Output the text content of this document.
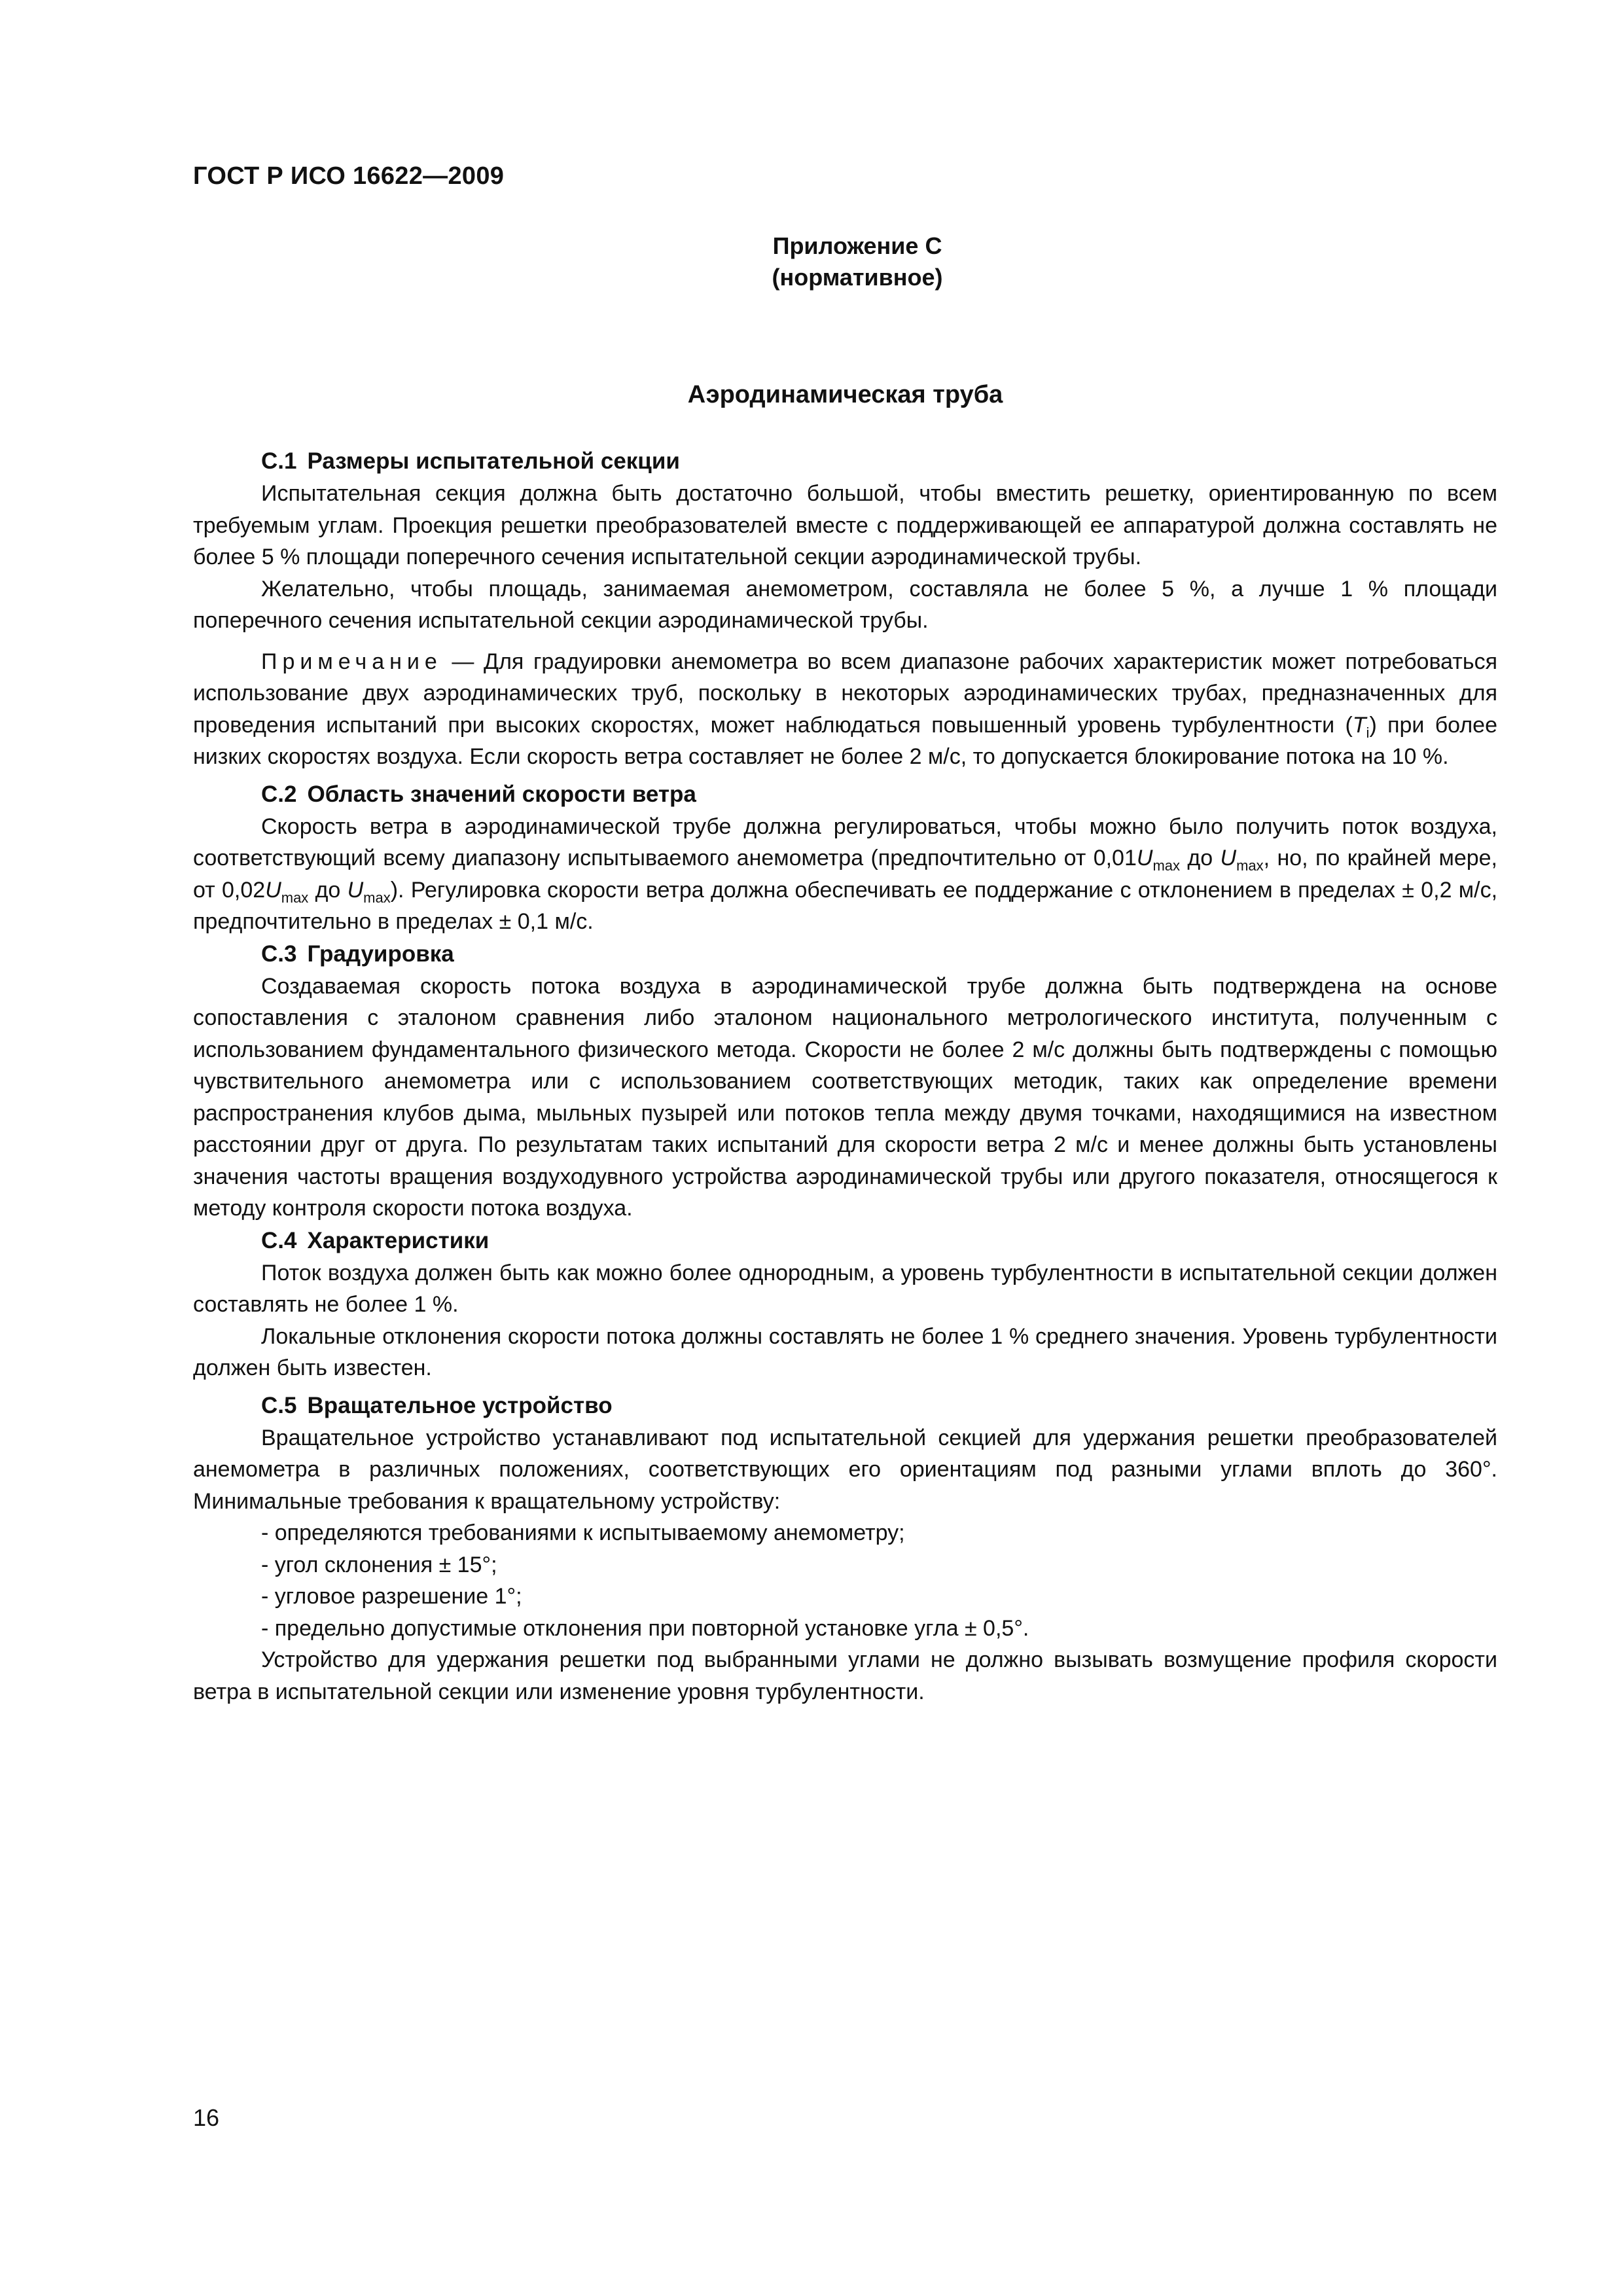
ГОСТ Р ИСО 16622—2009
Приложение С
(нормативное)
Аэродинамическая труба
С.1 Размеры испытательной секции

Испытательная секция должна быть достаточно большой, чтобы вместить решетку, ориентированную по всем требуемым углам. Проекция решетки преобразователей вместе с поддерживающей ее аппаратурой должна составлять не более 5 % площади поперечного сечения испытательной секции аэродинамической трубы.

Желательно, чтобы площадь, занимаемая анемометром, составляла не более 5 %, а лучше 1 % площади поперечного сечения испытательной секции аэродинамической трубы.

Примечание — Для градуировки анемометра во всем диапазоне рабочих характеристик может потребоваться использование двух аэродинамических труб, поскольку в некоторых аэродинамических трубах, предназначенных для проведения испытаний при высоких скоростях, может наблюдаться повышенный уровень турбулентности $(T_i)$ при более низких скоростях воздуха. Если скорость ветра составляет не более 2 м/с, то допускается блокирование потока на 10 %.

С.2 Область значений скорости ветра

Скорость ветра в аэродинамической трубе должна регулироваться, чтобы можно было получить поток воздуха, соответствующий всему диапазону испытываемого анемометра (предпочтительно от $0,01U_{max}$ до $U_{max}$, но, по крайней мере, от $0,02U_{max}$ до $U_{max}$). Регулировка скорости ветра должна обеспечивать ее поддержание с отклонением в пределах ± 0,2 м/с, предпочтительно в пределах ± 0,1 м/с.

С.3 Градуировка

Создаваемая скорость потока воздуха в аэродинамической трубе должна быть подтверждена на основе сопоставления с эталоном сравнения либо эталоном национального метрологического института, полученным с использованием фундаментального физического метода. Скорости не более 2 м/с должны быть подтверждены с помощью чувствительного анемометра или с использованием соответствующих методик, таких как определение времени распространения клубов дыма, мыльных пузырей или потоков тепла между двумя точками, находящимися на известном расстоянии друг от друга. По результатам таких испытаний для скорости ветра 2 м/с и менее должны быть установлены значения частоты вращения воздуходувного устройства аэродинамической трубы или другого показателя, относящегося к методу контроля скорости потока воздуха.

С.4 Характеристики

Поток воздуха должен быть как можно более однородным, а уровень турбулентности в испытательной секции должен составлять не более 1 %.

Локальные отклонения скорости потока должны составлять не более 1 % среднего значения. Уровень турбулентности должен быть известен.

С.5 Вращательное устройство

Вращательное устройство устанавливают под испытательной секцией для удержания решетки преобразователей анемометра в различных положениях, соответствующих его ориентациям под разными углами вплоть до 360°. Минимальные требования к вращательному устройству:

- определяются требованиями к испытываемому анемометру;

- угол склонения ± 15°;

- угловое разрешение 1°;

- предельно допустимые отклонения при повторной установке угла ± 0,5°.

Устройство для удержания решетки под выбранными углами не должно вызывать возмущение профиля скорости ветра в испытательной секции или изменение уровня турбулентности.

16
